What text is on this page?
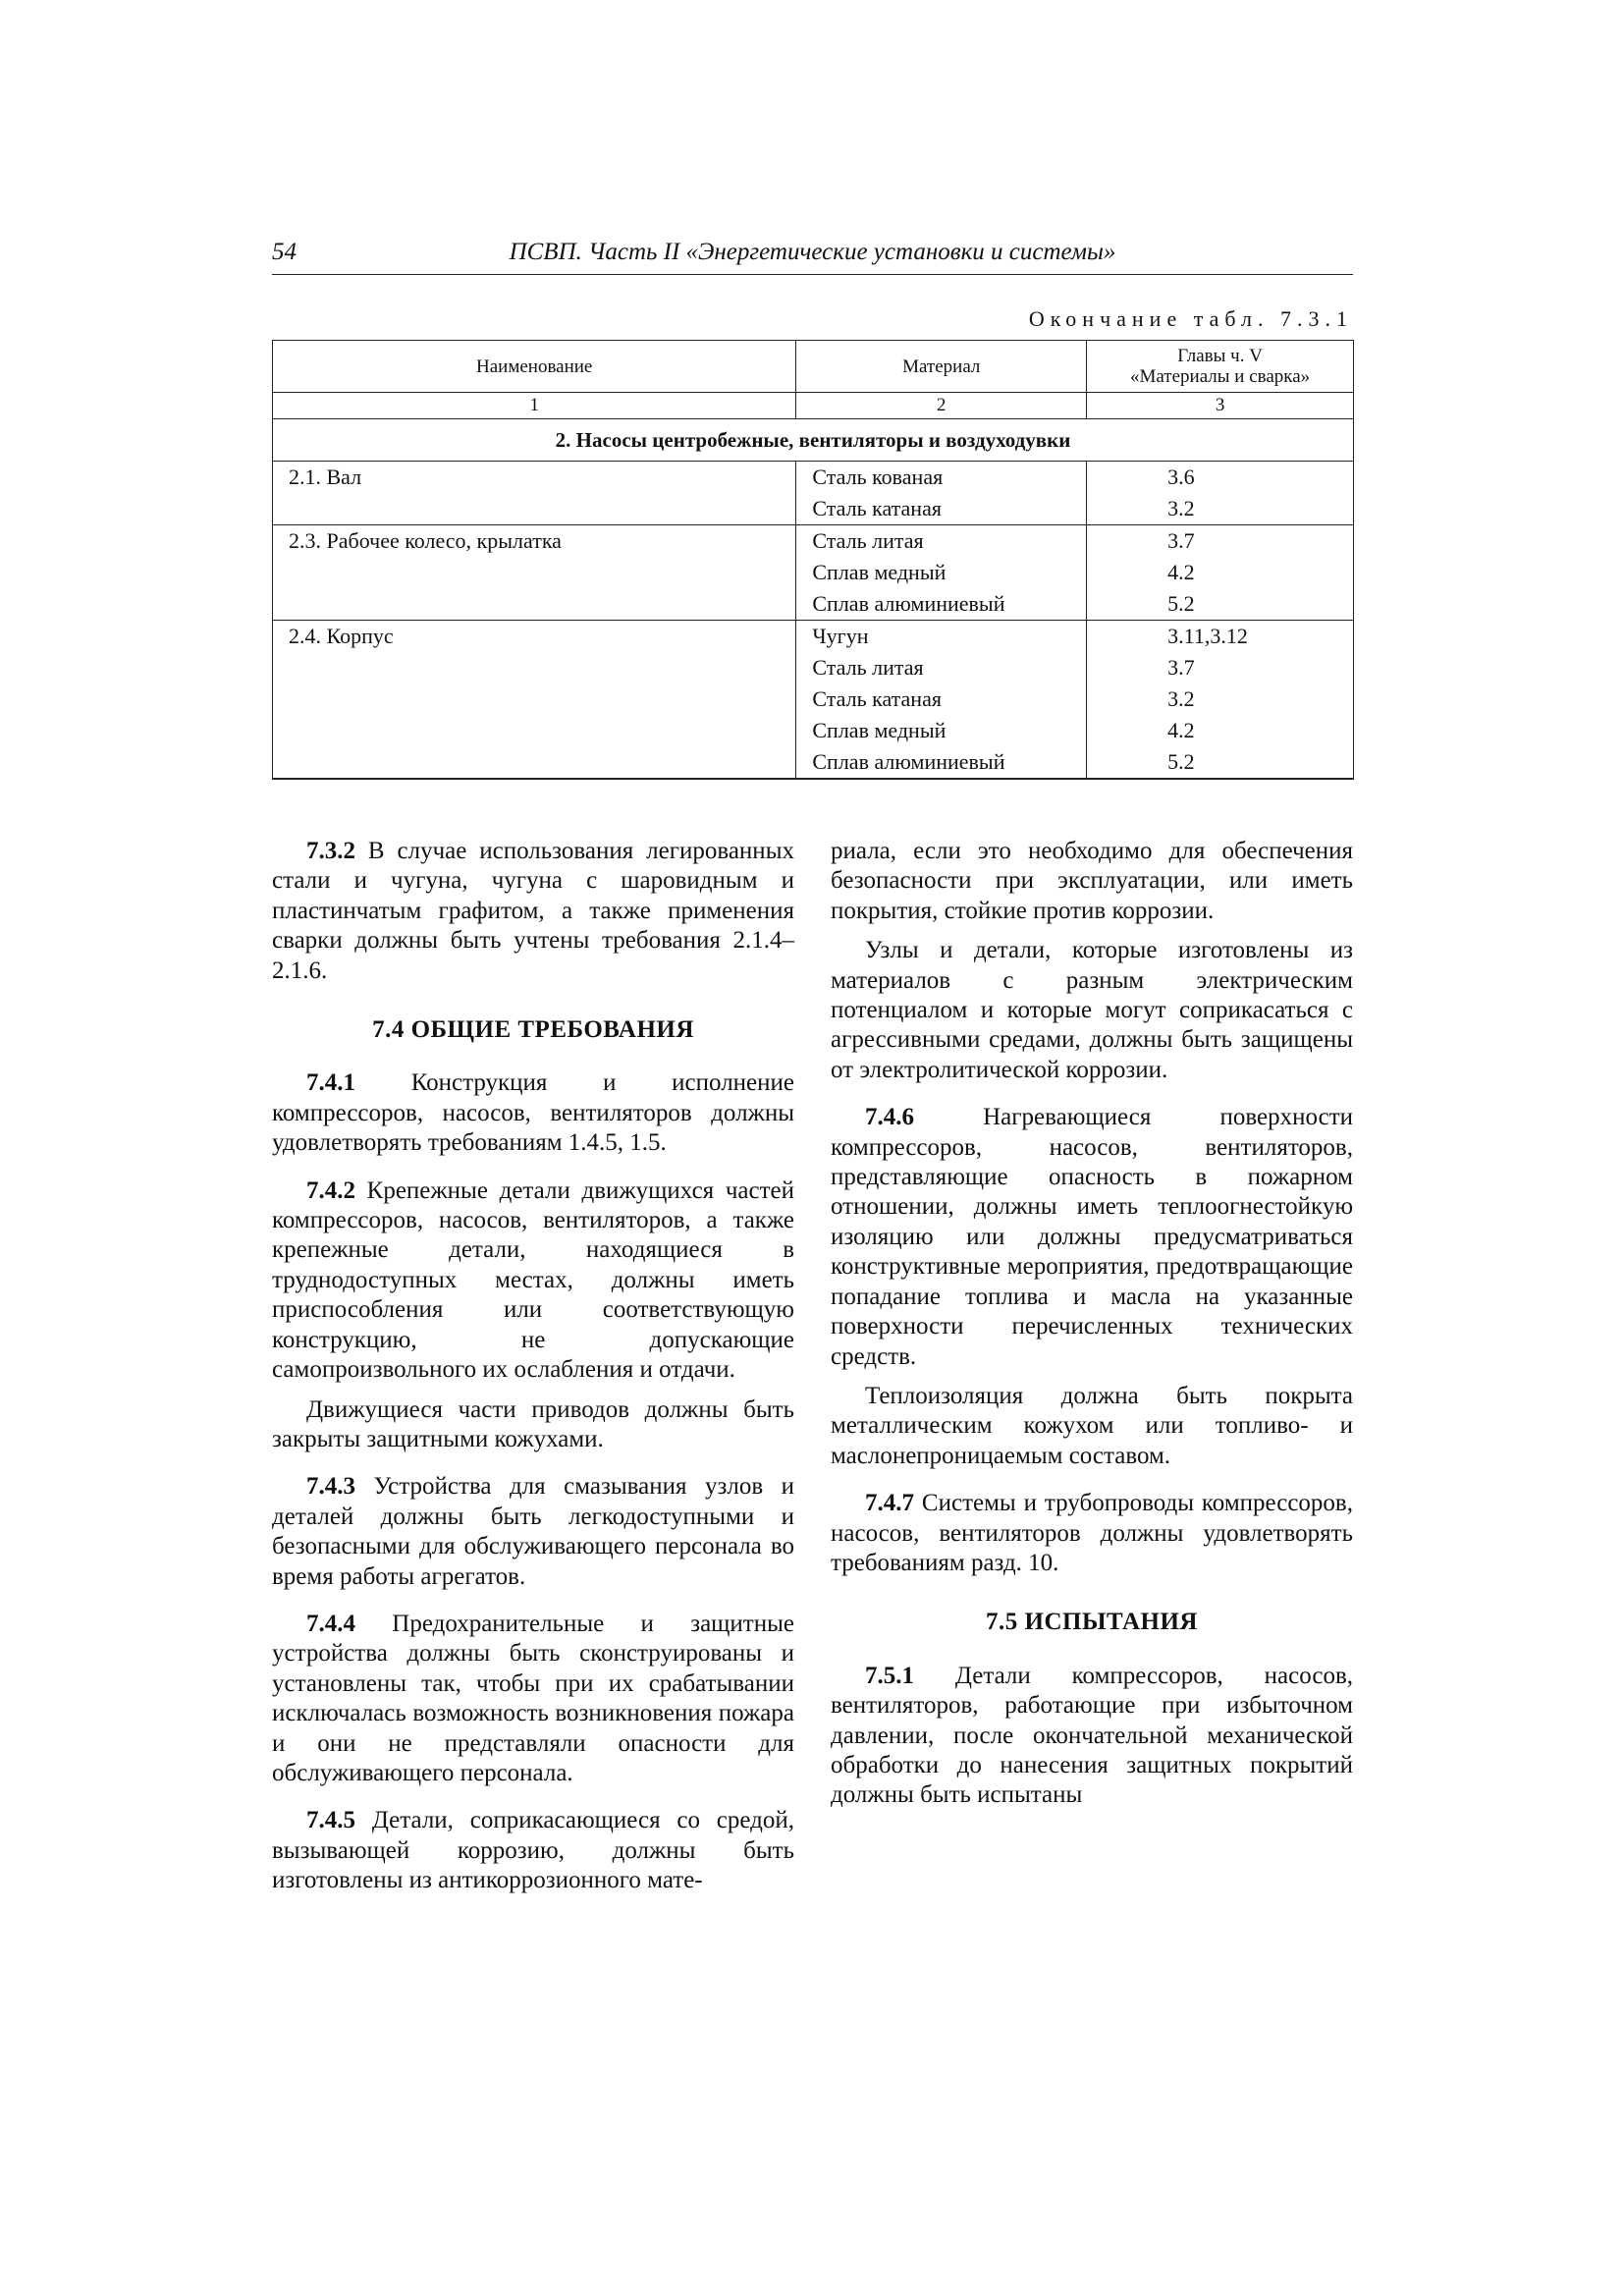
54	ПСВП. Часть II «Энергетические установки и системы»
Окончание табл. 7.3.1
Наименование	Материал	Главы ч. V
«Материалы и сварка»

1	2	3
2. Насосы центробежные, вентиляторы и воздуходувки		
2.1. Вал	Сталь кованая	3.6
	Сталь катаная	3.2
2.3. Рабочее колесо, крылатка	Сталь литая	3.7
	Сплав медный	4.2
	Сплав алюминиевый	5.2
2.4. Корпус	Чугун	3.11,3.12
	Сталь литая	3.7
	Сталь катаная	3.2
	Сплав медный	4.2
	Сплав алюминиевый	5.2

7.3.2 В случае использования легированных стали и чугуна, чугуна с шаровидным и пластинчатым графитом, а также применения сварки должны быть учтены требования 2.1.4–2.1.6.

7.4 ОБЩИЕ ТРЕБОВАНИЯ

7.4.1 Конструкция и исполнение компрессоров, насосов, вентиляторов должны удовлетворять требованиям 1.4.5, 1.5.

7.4.2 Крепежные детали движущихся частей компрессоров, насосов, вентиляторов, а также крепежные детали, находящиеся в труднодоступных местах, должны иметь приспособления или соответствующую конструкцию, не допускающие самопроизвольного их ослабления и отдачи.

Движущиеся части приводов должны быть закрыты защитными кожухами.

7.4.3 Устройства для смазывания узлов и деталей должны быть легкодоступными и безопасными для обслуживающего персонала во время работы агрегатов.

7.4.4 Предохранительные и защитные устройства должны быть сконструированы и установлены так, чтобы при их срабатывании исключалась возможность возникновения пожара и они не представляли опасности для обслуживающего персонала.

7.4.5 Детали, соприкасающиеся со средой, вызывающей коррозию, должны быть изготовлены из антикоррозионного мате-

риала, если это необходимо для обеспечения безопасности при эксплуатации, или иметь покрытия, стойкие против коррозии.

Узлы и детали, которые изготовлены из материалов с разным электрическим потенциалом и которые могут соприкасаться с агрессивными средами, должны быть защищены от электролитической коррозии.

7.4.6 Нагревающиеся поверхности компрессоров, насосов, вентиляторов, представляющие опасность в пожарном отношении, должны иметь теплоогнестойкую изоляцию или должны предусматриваться конструктивные мероприятия, предотвращающие попадание топлива и масла на указанные поверхности перечисленных технических средств.

Теплоизоляция должна быть покрыта металлическим кожухом или топливо- и маслонепроницаемым составом.

7.4.7 Системы и трубопроводы компрессоров, насосов, вентиляторов должны удовлетворять требованиям разд. 10.

7.5 ИСПЫТАНИЯ

7.5.1 Детали компрессоров, насосов, вентиляторов, работающие при избыточном давлении, после окончательной механической обработки до нанесения защитных покрытий должны быть испытаны
